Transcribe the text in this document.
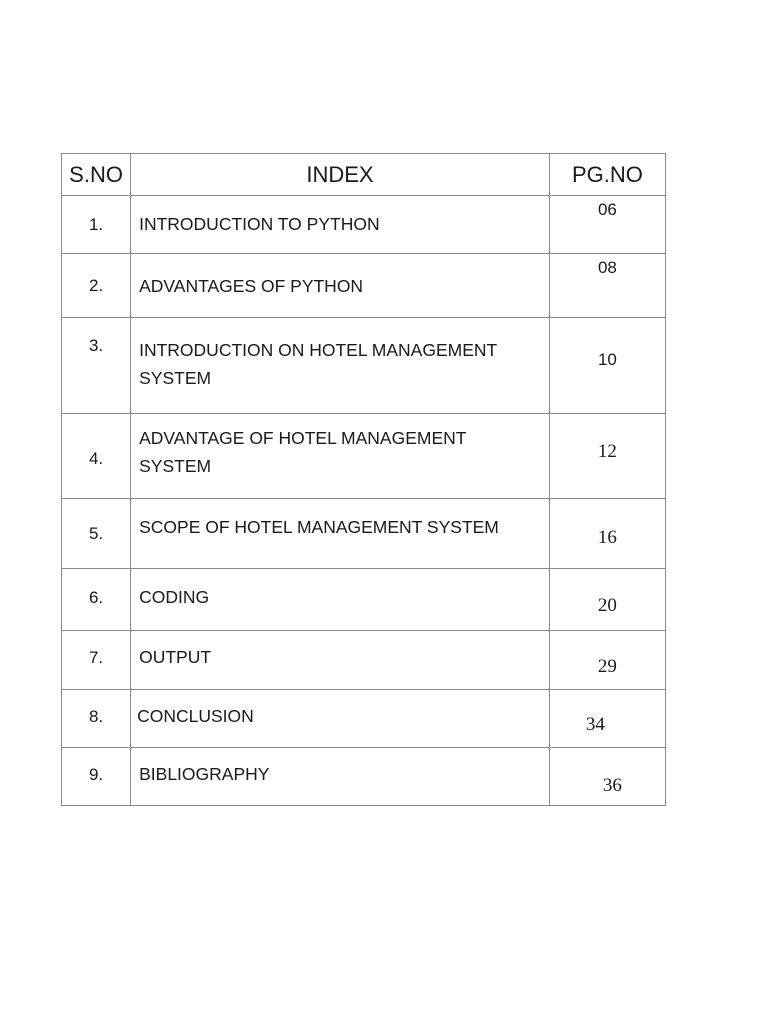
S.NO	INDEX	PG.NO
1.	INTRODUCTION TO PYTHON	06
2.	ADVANTAGES OF PYTHON	08
3.	INTRODUCTION ON HOTEL MANAGEMENT SYSTEM	10
4.	ADVANTAGE OF HOTEL MANAGEMENT SYSTEM	12
5.	SCOPE OF HOTEL MANAGEMENT SYSTEM	16
6.	CODING	20
7.	OUTPUT	29
8.	CONCLUSION	34
9.	BIBLIOGRAPHY	36
